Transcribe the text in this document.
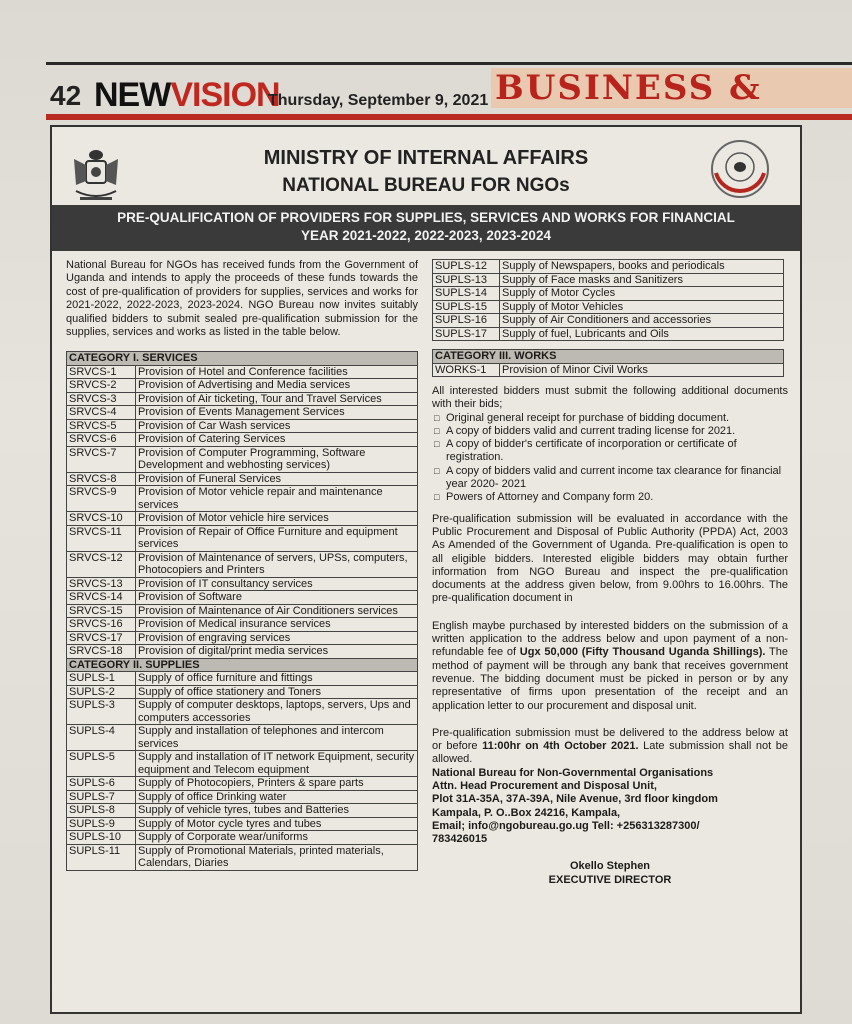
42 NEWVISION
Thursday, September 9, 2021 BUSINESS &
MINISTRY OF INTERNAL AFFAIRS
NATIONAL BUREAU FOR NGOs
PRE-QUALIFICATION OF PROVIDERS FOR SUPPLIES, SERVICES AND WORKS FOR FINANCIAL
YEAR 2021-2022, 2022-2023, 2023-2024

National Bureau for NGOs has received funds from the Government of Uganda and intends to apply the proceeds of these funds towards the cost of pre-qualification of providers for supplies, services and works for 2021-2022, 2022-2023, 2023-2024. NGO Bureau now invites suitably qualified bidders to submit sealed pre-qualification submission for the supplies, services and works as listed in the table below.

CATEGORY I. SERVICES	
SRVCS-1	Provision of Hotel and Conference facilities
SRVCS-2	Provision of Advertising and Media services
SRVCS-3	Provision of Air ticketing, Tour and Travel Services
SRVCS-4	Provision of Events Management Services
SRVCS-5	Provision of Car Wash services
SRVCS-6	Provision of Catering Services
SRVCS-7	Provision of Computer Programming, Software Development and webhosting services)
SRVCS-8	Provision of Funeral Services
SRVCS-9	Provision of Motor vehicle repair and maintenance services
SRVCS-10	Provision of Motor vehicle hire services
SRVCS-11	Provision of Repair of Office Furniture and equipment services
SRVCS-12	Provision of Maintenance of servers, UPSs, computers, Photocopiers and Printers
SRVCS-13	Provision of IT consultancy services
SRVCS-14	Provision of Software
SRVCS-15	Provision of Maintenance of Air Conditioners services
SRVCS-16	Provision of Medical insurance services
SRVCS-17	Provision of engraving services
SRVCS-18	Provision of digital/print media services
CATEGORY II. SUPPLIES	
SUPLS-1	Supply of office furniture and fittings
SUPLS-2	Supply of office stationery and Toners
SUPLS-3	Supply of computer desktops, laptops, servers, Ups and computers accessories
SUPLS-4	Supply and installation of telephones and intercom services
SUPLS-5	Supply and installation of IT network Equipment, security equipment and Telecom equipment
SUPLS-6	Supply of Photocopiers, Printers & spare parts
SUPLS-7	Supply of office Drinking water
SUPLS-8	Supply of vehicle tyres, tubes and Batteries
SUPLS-9	Supply of Motor cycle tyres and tubes
SUPLS-10	Supply of Corporate wear/uniforms
SUPLS-11	Supply of Promotional Materials, printed materials, Calendars, Diaries
SUPLS-12	Supply of Newspapers, books and periodicals
SUPLS-13	Supply of Face masks and Sanitizers
SUPLS-14	Supply of Motor Cycles
SUPLS-15	Supply of Motor Vehicles
SUPLS-16	Supply of Air Conditioners and accessories
SUPLS-17	Supply of fuel, Lubricants and Oils

CATEGORY III. WORKS	
WORKS-1	Provision of Minor Civil Works

All interested bidders must submit the following additional documents with their bids;

□ Original general receipt for purchase of bidding document.
□ A copy of bidders valid and current trading license for 2021.
□ A copy of bidder's certificate of incorporation or certificate of registration.
□ A copy of bidders valid and current income tax clearance for financial year 2020- 2021
□ Powers of Attorney and Company form 20.

Pre-qualification submission will be evaluated in accordance with the Public Procurement and Disposal of Public Authority (PPDA) Act, 2003 As Amended of the Government of Uganda. Pre-qualification is open to all eligible bidders. Interested eligible bidders may obtain further information from NGO Bureau and inspect the pre-qualification documents at the address given below, from 9.00hrs to 16.00hrs. The pre-qualification document in

English maybe purchased by interested bidders on the submission of a written application to the address below and upon payment of a non-refundable fee of Ugx 50,000 (Fifty Thousand Uganda Shillings). The method of payment will be through any bank that receives government revenue. The bidding document must be picked in person or by any representative of firms upon presentation of the receipt and an application letter to our procurement and disposal unit.

Pre-qualification submission must be delivered to the address below at or before 11:00hr on 4th October 2021. Late submission shall not be allowed.

National Bureau for Non-Governmental Organisations
Attn. Head Procurement and Disposal Unit,
Plot 31A-35A, 37A-39A, Nile Avenue, 3rd floor kingdom
Kampala, P. O..Box 24216, Kampala,
Email; info@ngobureau.go.ug Tell: +256313287300/
783426015
Okello Stephen
EXECUTIVE DIRECTOR
